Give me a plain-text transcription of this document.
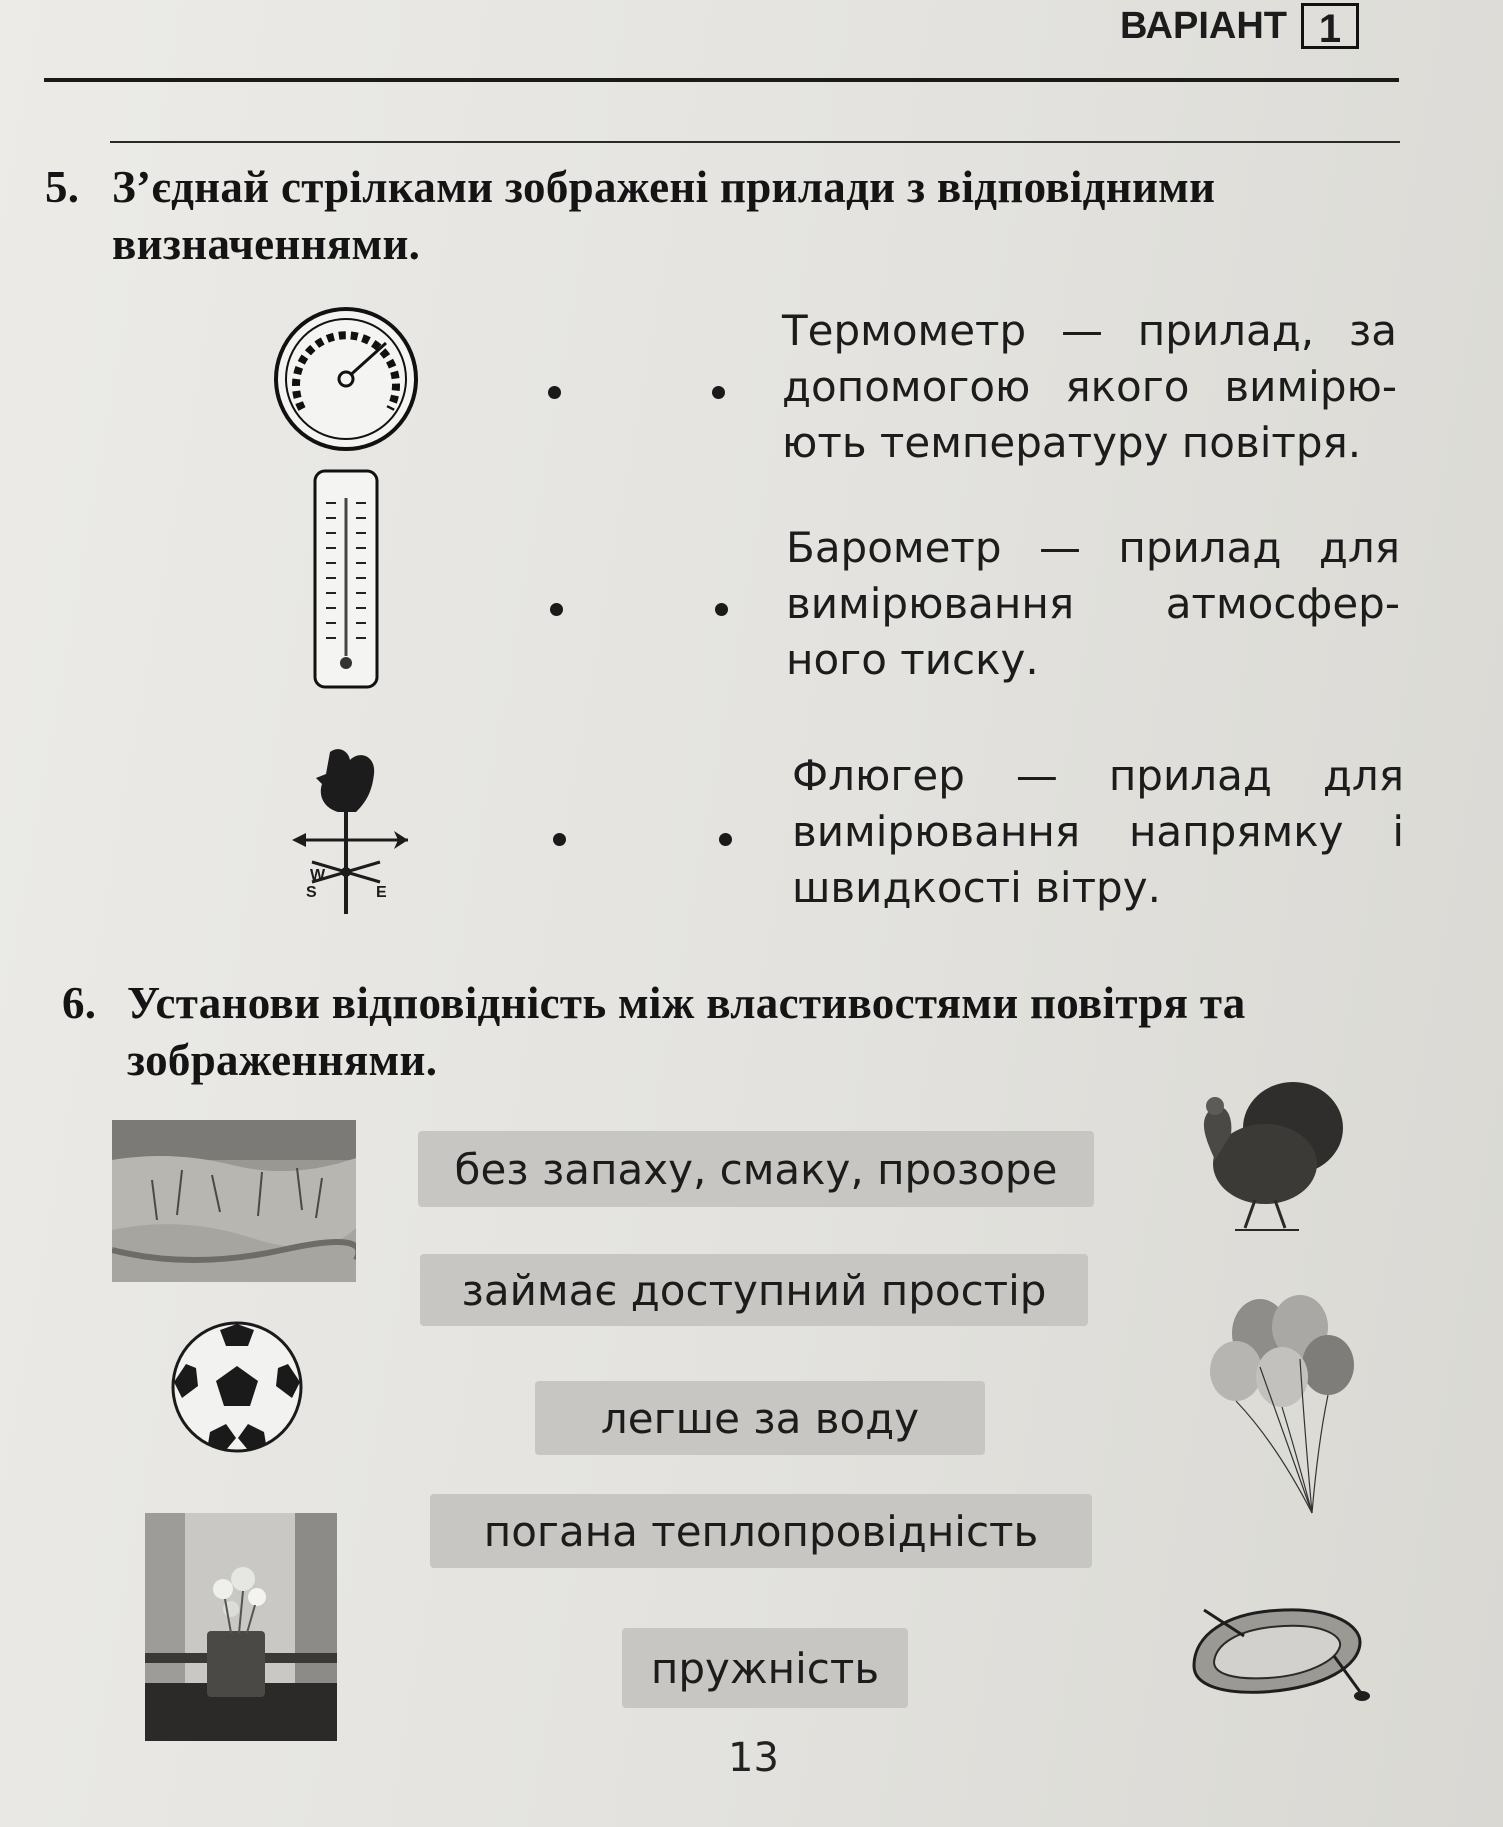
ВАРІАНТ 1
5. З’єднай стрілками зображені прилади з відповідними
визначеннями.
W
S	E
Термометр — прилад, за
допомогою якого вимірю-
ють температуру повітря.
Барометр — прилад для
вимірювання атмосфер-
ного тиску.
Флюгер — прилад для
вимірювання напрямку і
швидкості вітру.
6. Установи відповідність між властивостями повітря та
зображеннями.
без запаху, смаку, прозоре
займає доступний простір
легше за воду
погана теплопровідність
пружність
13
